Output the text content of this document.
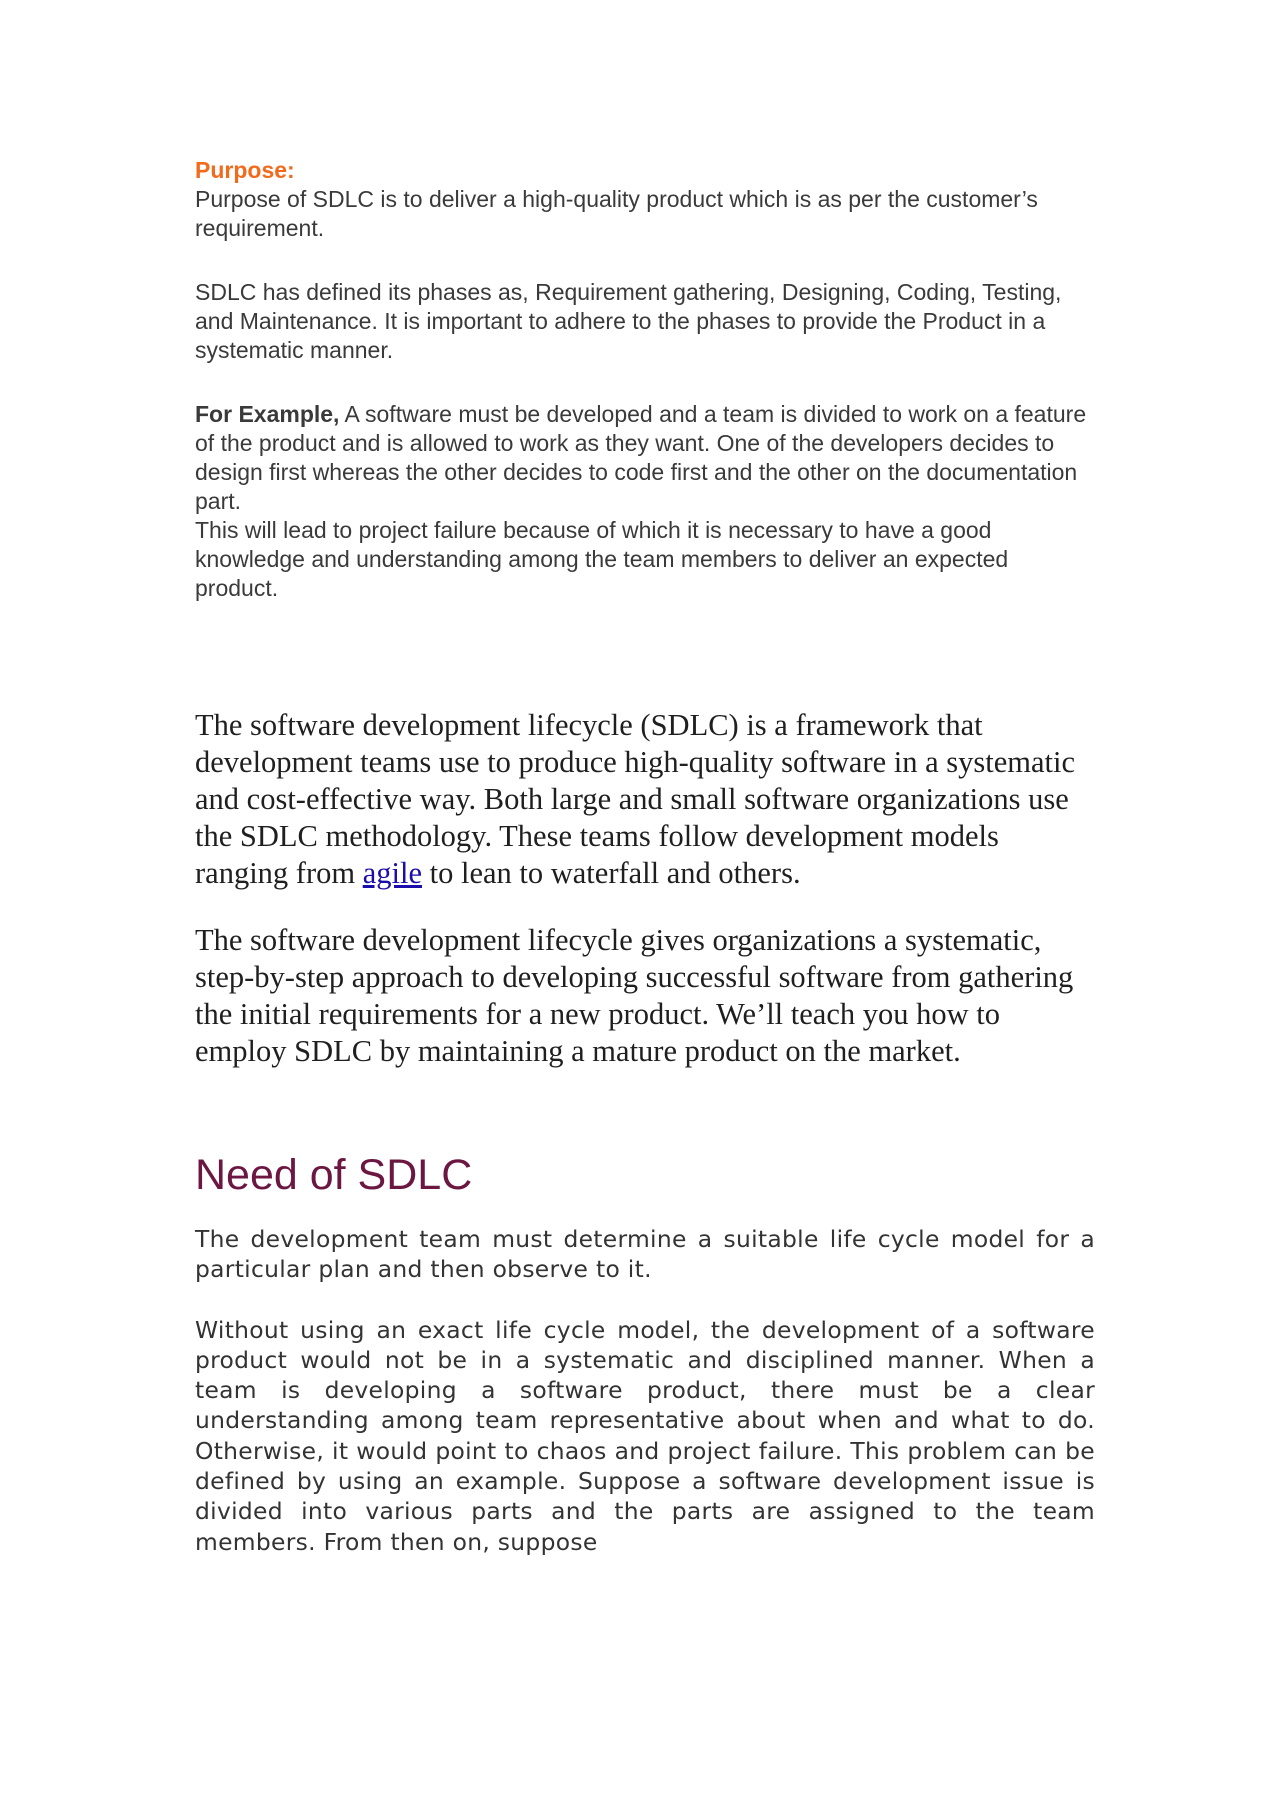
Purpose:

Purpose of SDLC is to deliver a high-quality product which is as per the customer’s requirement.

SDLC has defined its phases as, Requirement gathering, Designing, Coding, Testing, and Maintenance. It is important to adhere to the phases to provide the Product in a systematic manner.

For Example, A software must be developed and a team is divided to work on a feature of the product and is allowed to work as they want. One of the developers decides to design first whereas the other decides to code first and the other on the documentation part.

This will lead to project failure because of which it is necessary to have a good knowledge and understanding among the team members to deliver an expected product.

The software development lifecycle (SDLC) is a framework that development teams use to produce high-quality software in a systematic and cost-effective way. Both large and small software organizations use the SDLC methodology. These teams follow development models ranging from agile to lean to waterfall and others.

The software development lifecycle gives organizations a systematic, step-by-step approach to developing successful software from gathering the initial requirements for a new product. We’ll teach you how to employ SDLC by maintaining a mature product on the market.

Need of SDLC

The development team must determine a suitable life cycle model for a particular plan and then observe to it.

Without using an exact life cycle model, the development of a software product would not be in a systematic and disciplined manner. When a team is developing a software product, there must be a clear understanding among team representative about when and what to do. Otherwise, it would point to chaos and project failure. This problem can be defined by using an example. Suppose a software development issue is divided into various parts and the parts are assigned to the team members. From then on, suppose
